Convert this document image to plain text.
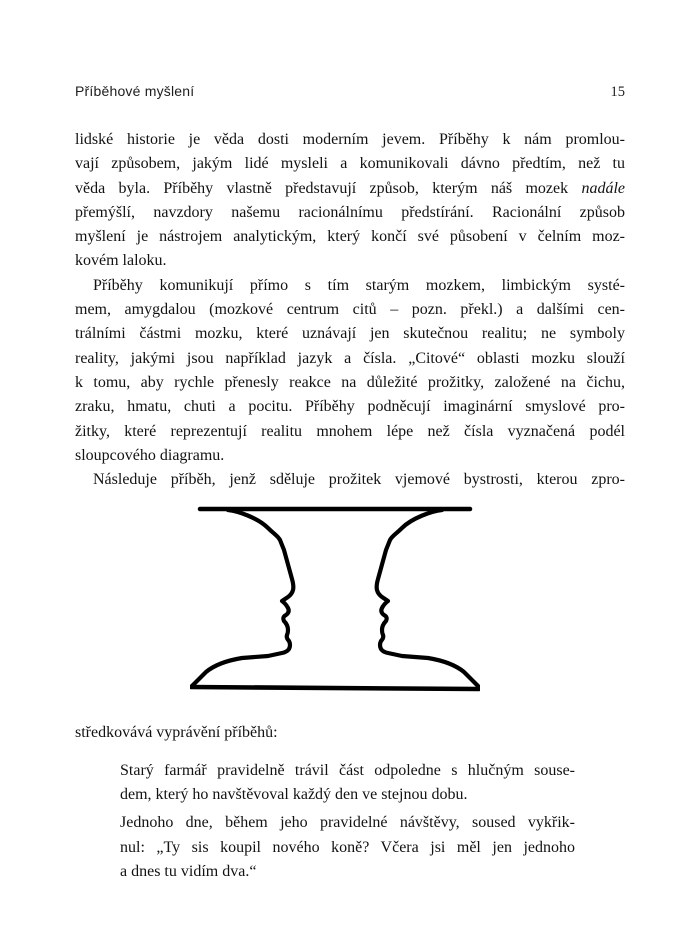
Příběhové myšlení	15
lidské historie je věda dosti moderním jevem. Příběhy k nám promlou-
vají způsobem, jakým lidé mysleli a komunikovali dávno předtím, než tu
věda byla. Příběhy vlastně představují způsob, kterým náš mozek nadále
přemýšlí, navzdory našemu racionálnímu předstírání. Racionální způsob
myšlení je nástrojem analytickým, který končí své působení v čelním moz-
kovém laloku.
Příběhy komunikují přímo s tím starým mozkem, limbickým systé-
mem, amygdalou (mozkové centrum citů – pozn. překl.) a dalšími cen-
trálními částmi mozku, které uznávají jen skutečnou realitu; ne symboly
reality, jakými jsou například jazyk a čísla. „Citové“ oblasti mozku slouží
k tomu, aby rychle přenesly reakce na důležité prožitky, založené na čichu,
zraku, hmatu, chuti a pocitu. Příběhy podněcují imaginární smyslové pro-
žitky, které reprezentují realitu mnohem lépe než čísla vyznačená podél
sloupcového diagramu.
Následuje příběh, jenž sděluje prožitek vjemové bystrosti, kterou zpro-
středkovává vyprávění příběhů:
Starý farmář pravidelně trávil část odpoledne s hlučným souse-
dem, který ho navštěvoval každý den ve stejnou dobu.
Jednoho dne, během jeho pravidelné návštěvy, soused vykřik-
nul: „Ty sis koupil nového koně? Včera jsi měl jen jednoho
a dnes tu vidím dva.“
